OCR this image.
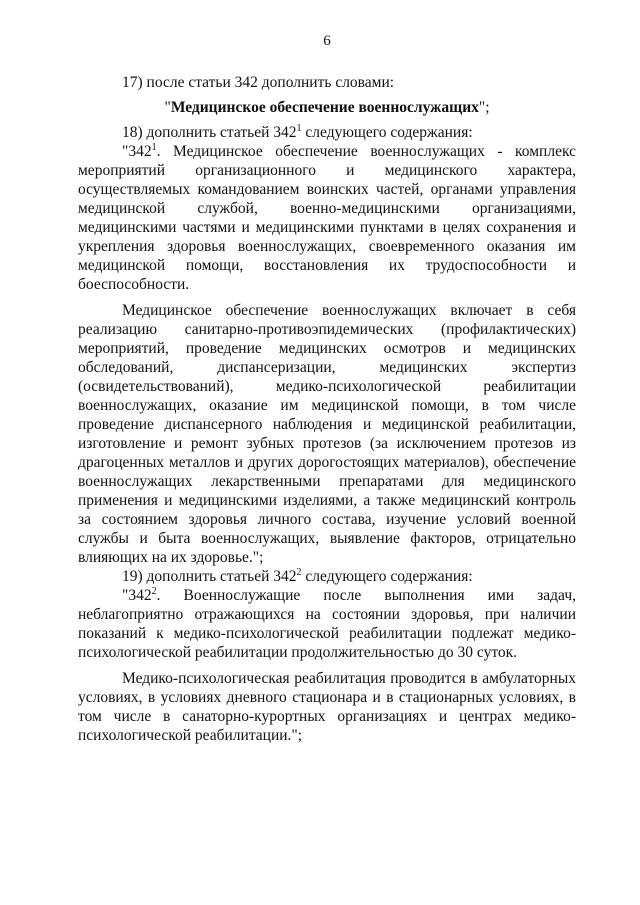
6

17) после статьи 342 дополнить словами:

"Медицинское обеспечение военнослужащих";

18) дополнить статьей $342^1$ следующего содержания:

"$342^1$. Медицинское обеспечение военнослужащих - комплекс мероприятий организационного и медицинского характера, осуществляемых командованием воинских частей, органами управления медицинской службой, военно-медицинскими организациями, медицинскими частями и медицинскими пунктами в целях сохранения и укрепления здоровья военнослужащих, своевременного оказания им медицинской помощи, восстановления их трудоспособности и боеспособности.

Медицинское обеспечение военнослужащих включает в себя реализацию санитарно-противоэпидемических (профилактических) мероприятий, проведение медицинских осмотров и медицинских обследований, диспансеризации, медицинских экспертиз (освидетельствований), медико-психологической реабилитации военнослужащих, оказание им медицинской помощи, в том числе проведение диспансерного наблюдения и медицинской реабилитации, изготовление и ремонт зубных протезов (за исключением протезов из драгоценных металлов и других дорогостоящих материалов), обеспечение военнослужащих лекарственными препаратами для медицинского применения и медицинскими изделиями, а также медицинский контроль за состоянием здоровья личного состава, изучение условий военной службы и быта военнослужащих, выявление факторов, отрицательно влияющих на их здоровье.";

19) дополнить статьей $342^2$ следующего содержания:

"$342^2$. Военнослужащие после выполнения ими задач, неблагоприятно отражающихся на состоянии здоровья, при наличии показаний к медико-психологической реабилитации подлежат медико-психологической реабилитации продолжительностью до 30 суток.

Медико-психологическая реабилитация проводится в амбулаторных условиях, в условиях дневного стационара и в стационарных условиях, в том числе в санаторно-курортных организациях и центрах медико-психологической реабилитации.";
